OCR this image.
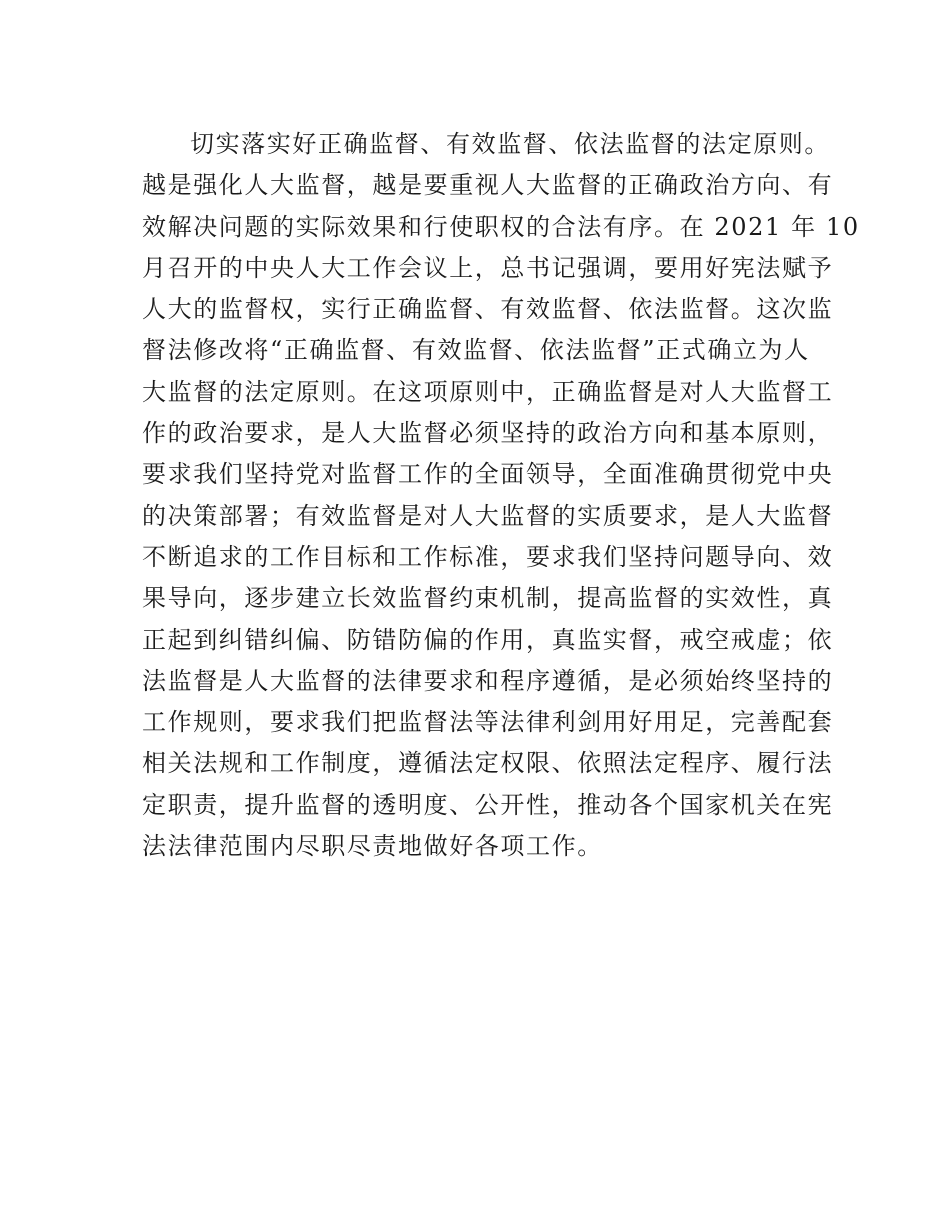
切实落实好正确监督、有效监督、依法监督的法定原则。
越是强化人大监督，越是要重视人大监督的正确政治方向、有
效解决问题的实际效果和行使职权的合法有序。在 2021 年 10
月召开的中央人大工作会议上，总书记强调，要用好宪法赋予
人大的监督权，实行正确监督、有效监督、依法监督。这次监
督法修改将“正确监督、有效监督、依法监督”正式确立为人
大监督的法定原则。在这项原则中，正确监督是对人大监督工
作的政治要求，是人大监督必须坚持的政治方向和基本原则，
要求我们坚持党对监督工作的全面领导，全面准确贯彻党中央
的决策部署；有效监督是对人大监督的实质要求，是人大监督
不断追求的工作目标和工作标准，要求我们坚持问题导向、效
果导向，逐步建立长效监督约束机制，提高监督的实效性，真
正起到纠错纠偏、防错防偏的作用，真监实督，戒空戒虚；依
法监督是人大监督的法律要求和程序遵循，是必须始终坚持的
工作规则，要求我们把监督法等法律利剑用好用足，完善配套
相关法规和工作制度，遵循法定权限、依照法定程序、履行法
定职责，提升监督的透明度、公开性，推动各个国家机关在宪
法法律范围内尽职尽责地做好各项工作。
